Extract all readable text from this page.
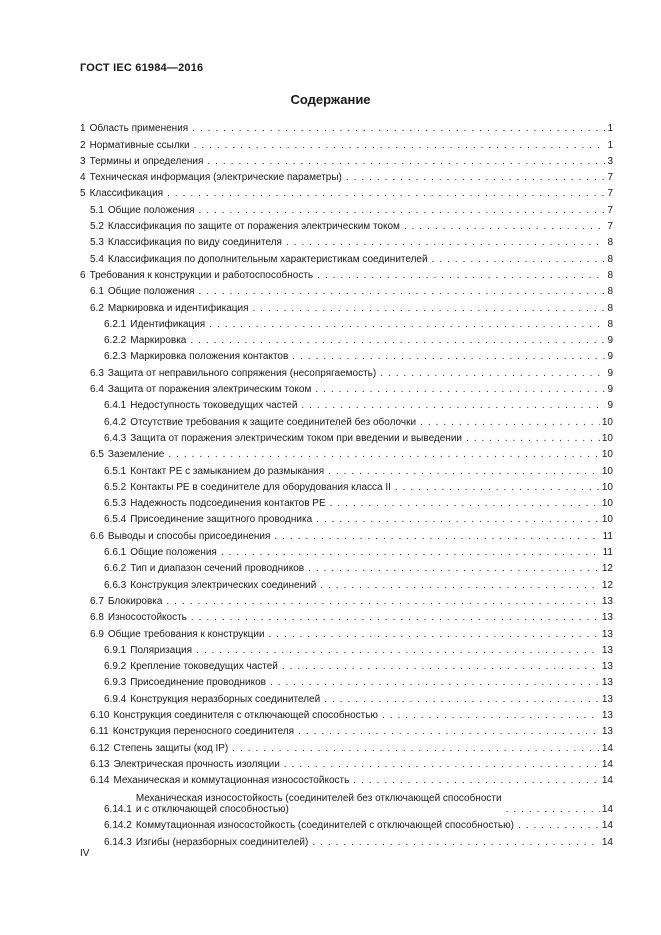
ГОСТ IEC 61984—2016
Содержание
1 Область применения . . .	1
2 Нормативные ссылки . . .	1
3 Термины и определения . . .	3
4 Техническая информация (электрические параметры) . . .	7
5 Классификация . . .	7
5.1 Общие положения . . .	7
5.2 Классификация по защите от поражения электрическим током . . .	7
5.3 Классификация по виду соединителя . . .	8
5.4 Классификация по дополнительным характеристикам соединителей . . .	8
6 Требования к конструкции и работоспособность . . .	8
6.1 Общие положения . . .	8
6.2 Маркировка и идентификация . . .	8
6.2.1 Идентификация . . .	8
6.2.2 Маркировка . . .	9
6.2.3 Маркировка положения контактов . . .	9
6.3 Защита от неправильного сопряжения (несопрягаемость) . . .	9
6.4 Защита от поражения электрическим током . . .	9
6.4.1 Недоступность токоведущих частей . . .	9
6.4.2 Отсутствие требования к защите соединителей без оболочки . . .	10
6.4.3 Защита от поражения электрическим током при введении и выведении . . .	10
6.5 Заземление . . .	10
6.5.1 Контакт PE с замыканием до размыкания . . .	10
6.5.2 Контакты PE в соединителе для оборудования класса II . . .	10
6.5.3 Надежность подсоединения контактов PE . . .	10
6.5.4 Присоединение защитного проводника . . .	10
6.6 Выводы и способы присоединения . . .	11
6.6.1 Общие положения . . .	11
6.6.2 Тип и диапазон сечений проводников . . .	12
6.6.3 Конструкция электрических соединений . . .	12
6.7 Блокировка . . .	13
6.8 Износостойкость . . .	13
6.9 Общие требования к конструкции . . .	13
6.9.1 Поляризация . . .	13
6.9.2 Крепление токоведущих частей . . .	13
6.9.3 Присоединение проводников . . .	13
6.9.4 Конструкция неразборных соединителей . . .	13
6.10 Конструкция соединителя с отключающей способностью . . .	13
6.11 Конструкция переносного соединителя . . .	13
6.12 Степень защиты (код IP) . . .	14
6.13 Электрическая прочность изоляции . . .	14
6.14 Механическая и коммутационная износостойкость . . .	14
6.14.1
Механическая износостойкость (соединителей без отключающей способности
и с отключающей способностью) . . .	14
6.14.2 Коммутационная износостойкость (соединителей с отключающей способностью) . . .	14
6.14.3 Изгибы (неразборных соединителей) . . .	14
IV
